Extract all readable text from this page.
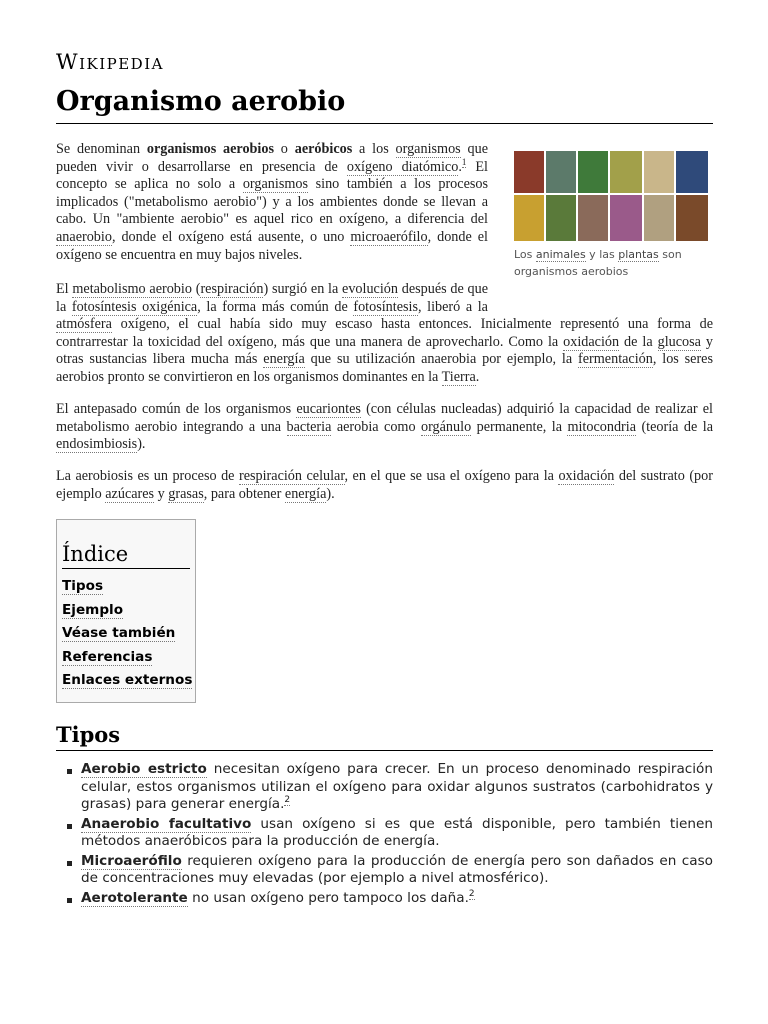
Wikipedia
Organismo aerobio

Se denominan organismos aerobios o aeróbicos a los organismos que pueden vivir o desarrollarse en presencia de oxígeno diatómico.$^1$ El concepto se aplica no solo a organismos sino también a los procesos implicados ("metabolismo aerobio") y a los ambientes donde se llevan a cabo. Un "ambiente aerobio" es aquel rico en oxígeno, a diferencia del anaerobio, donde el oxígeno está ausente, o uno microaerófilo, donde el oxígeno se encuentra en muy bajos niveles.	Los animales y las plantas son organismos aerobios

El metabolismo aerobio (respiración) surgió en la evolución después de que la fotosíntesis oxigénica, la forma más común de fotosíntesis, liberó a la atmósfera oxígeno, el cual había sido muy escaso hasta entonces. Inicialmente representó una forma de contrarrestar la toxicidad del oxígeno, más que una manera de aprovecharlo. Como la oxidación de la glucosa y otras sustancias libera mucha más energía que su utilización anaerobia por ejemplo, la fermentación, los seres aerobios pronto se convirtieron en los organismos dominantes en la Tierra.

El antepasado común de los organismos eucariontes (con células nucleadas) adquirió la capacidad de realizar el metabolismo aerobio integrando a una bacteria aerobia como orgánulo permanente, la mitocondria (teoría de la endosimbiosis).

La aerobiosis es un proceso de respiración celular, en el que se usa el oxígeno para la oxidación del sustrato (por ejemplo azúcares y grasas, para obtener energía).

Índice
Tipos
Ejemplo
Véase también
Referencias
Enlaces externos
Tipos
Aerobio estricto necesitan oxígeno para crecer. En un proceso denominado respiración celular, estos organismos utilizan el oxígeno para oxidar algunos sustratos (carbohidratos y grasas) para generar energía.$^2$
Anaerobio facultativo usan oxígeno si es que está disponible, pero también tienen métodos anaeróbicos para la producción de energía.
Microaerófilo requieren oxígeno para la producción de energía pero son dañados en caso de concentraciones muy elevadas (por ejemplo a nivel atmosférico).
Aerotolerante no usan oxígeno pero tampoco los daña.$^2$
